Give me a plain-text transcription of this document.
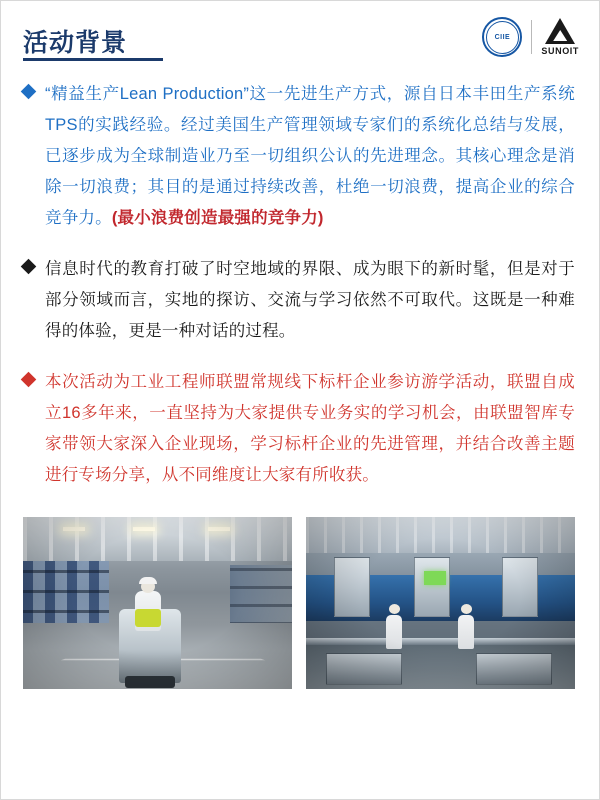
活动背景	CIIE
SUNOIT
“精益生产Lean Production”这一先进生产方式，源自日本丰田生产系统TPS的实践经验。经过美国生产管理领域专家们的系统化总结与发展，已逐步成为全球制造业乃至一切组织公认的先进理念。其核心理念是消除一切浪费；其目的是通过持续改善，杜绝一切浪费，提高企业的综合竞争力。(最小浪费创造最强的竞争力)
信息时代的教育打破了时空地域的界限、成为眼下的新时髦，但是对于部分领域而言，实地的探访、交流与学习依然不可取代。这既是一种难得的体验，更是一种对话的过程。
本次活动为工业工程师联盟常规线下标杆企业参访游学活动，联盟自成立16多年来，一直坚持为大家提供专业务实的学习机会，由联盟智库专家带领大家深入企业现场，学习标杆企业的先进管理，并结合改善主题进行专场分享，从不同维度让大家有所收获。
